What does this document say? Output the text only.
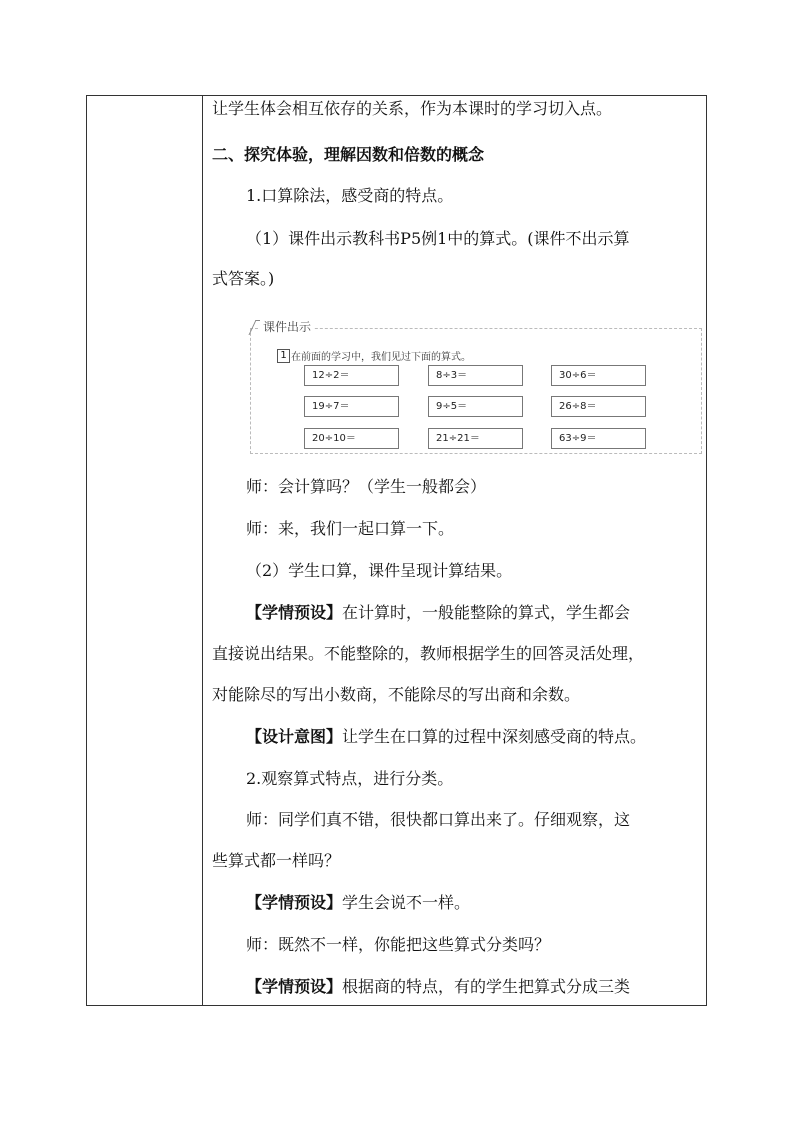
让学生体会相互依存的关系，作为本课时的学习切入点。
二、探究体验，理解因数和倍数的概念
1.口算除法，感受商的特点。
（1）课件出示教科书P5例1中的算式。(课件不出示算
式答案。)
1 在前面的学习中，我们见过下面的算式。
12÷2＝	8÷3＝	30÷6＝
19÷7＝	9÷5＝	26÷8＝
20÷10＝	21÷21＝	63÷9＝
课件出示
师：会计算吗？（学生一般都会）
师：来，我们一起口算一下。
（2）学生口算，课件呈现计算结果。
【学情预设】在计算时，一般能整除的算式，学生都会
直接说出结果。不能整除的，教师根据学生的回答灵活处理，
对能除尽的写出小数商，不能除尽的写出商和余数。
【设计意图】让学生在口算的过程中深刻感受商的特点。
2.观察算式特点，进行分类。
师：同学们真不错，很快都口算出来了。仔细观察，这
些算式都一样吗？
【学情预设】学生会说不一样。
师：既然不一样，你能把这些算式分类吗？
【学情预设】根据商的特点，有的学生把算式分成三类
